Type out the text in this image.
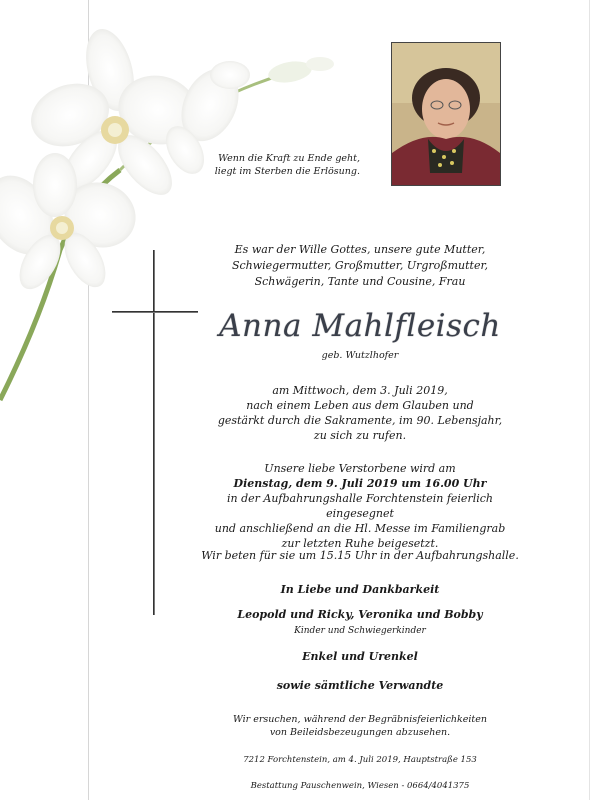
Wenn die Kraft zu Ende geht,
liegt im Sterben die Erlösung.
Es war der Wille Gottes, unsere gute Mutter,
Schwiegermutter, Großmutter, Urgroßmutter,
Schwägerin, Tante und Cousine, Frau
Anna Mahlfleisch
geb. Wutzlhofer
am Mittwoch, dem 3. Juli 2019,
nach einem Leben aus dem Glauben und
gestärkt durch die Sakramente, im 90. Lebensjahr,
zu sich zu rufen.
Unsere liebe Verstorbene wird am
Dienstag, dem 9. Juli 2019 um 16.00 Uhr
in der Aufbahrungshalle Forchtenstein feierlich eingesegnet
und anschließend an die Hl. Messe im Familiengrab
zur letzten Ruhe beigesetzt.
Wir beten für sie um 15.15 Uhr in der Aufbahrungshalle.
In Liebe und Dankbarkeit
Leopold und Ricky, Veronika und Bobby
Kinder und Schwiegerkinder
Enkel und Urenkel
sowie sämtliche Verwandte
Wir ersuchen, während der Begräbnisfeierlichkeiten
von Beileidsbezeugungen abzusehen.
7212 Forchtenstein, am 4. Juli 2019, Hauptstraße 153
Bestattung Pauschenwein, Wiesen - 0664/4041375
